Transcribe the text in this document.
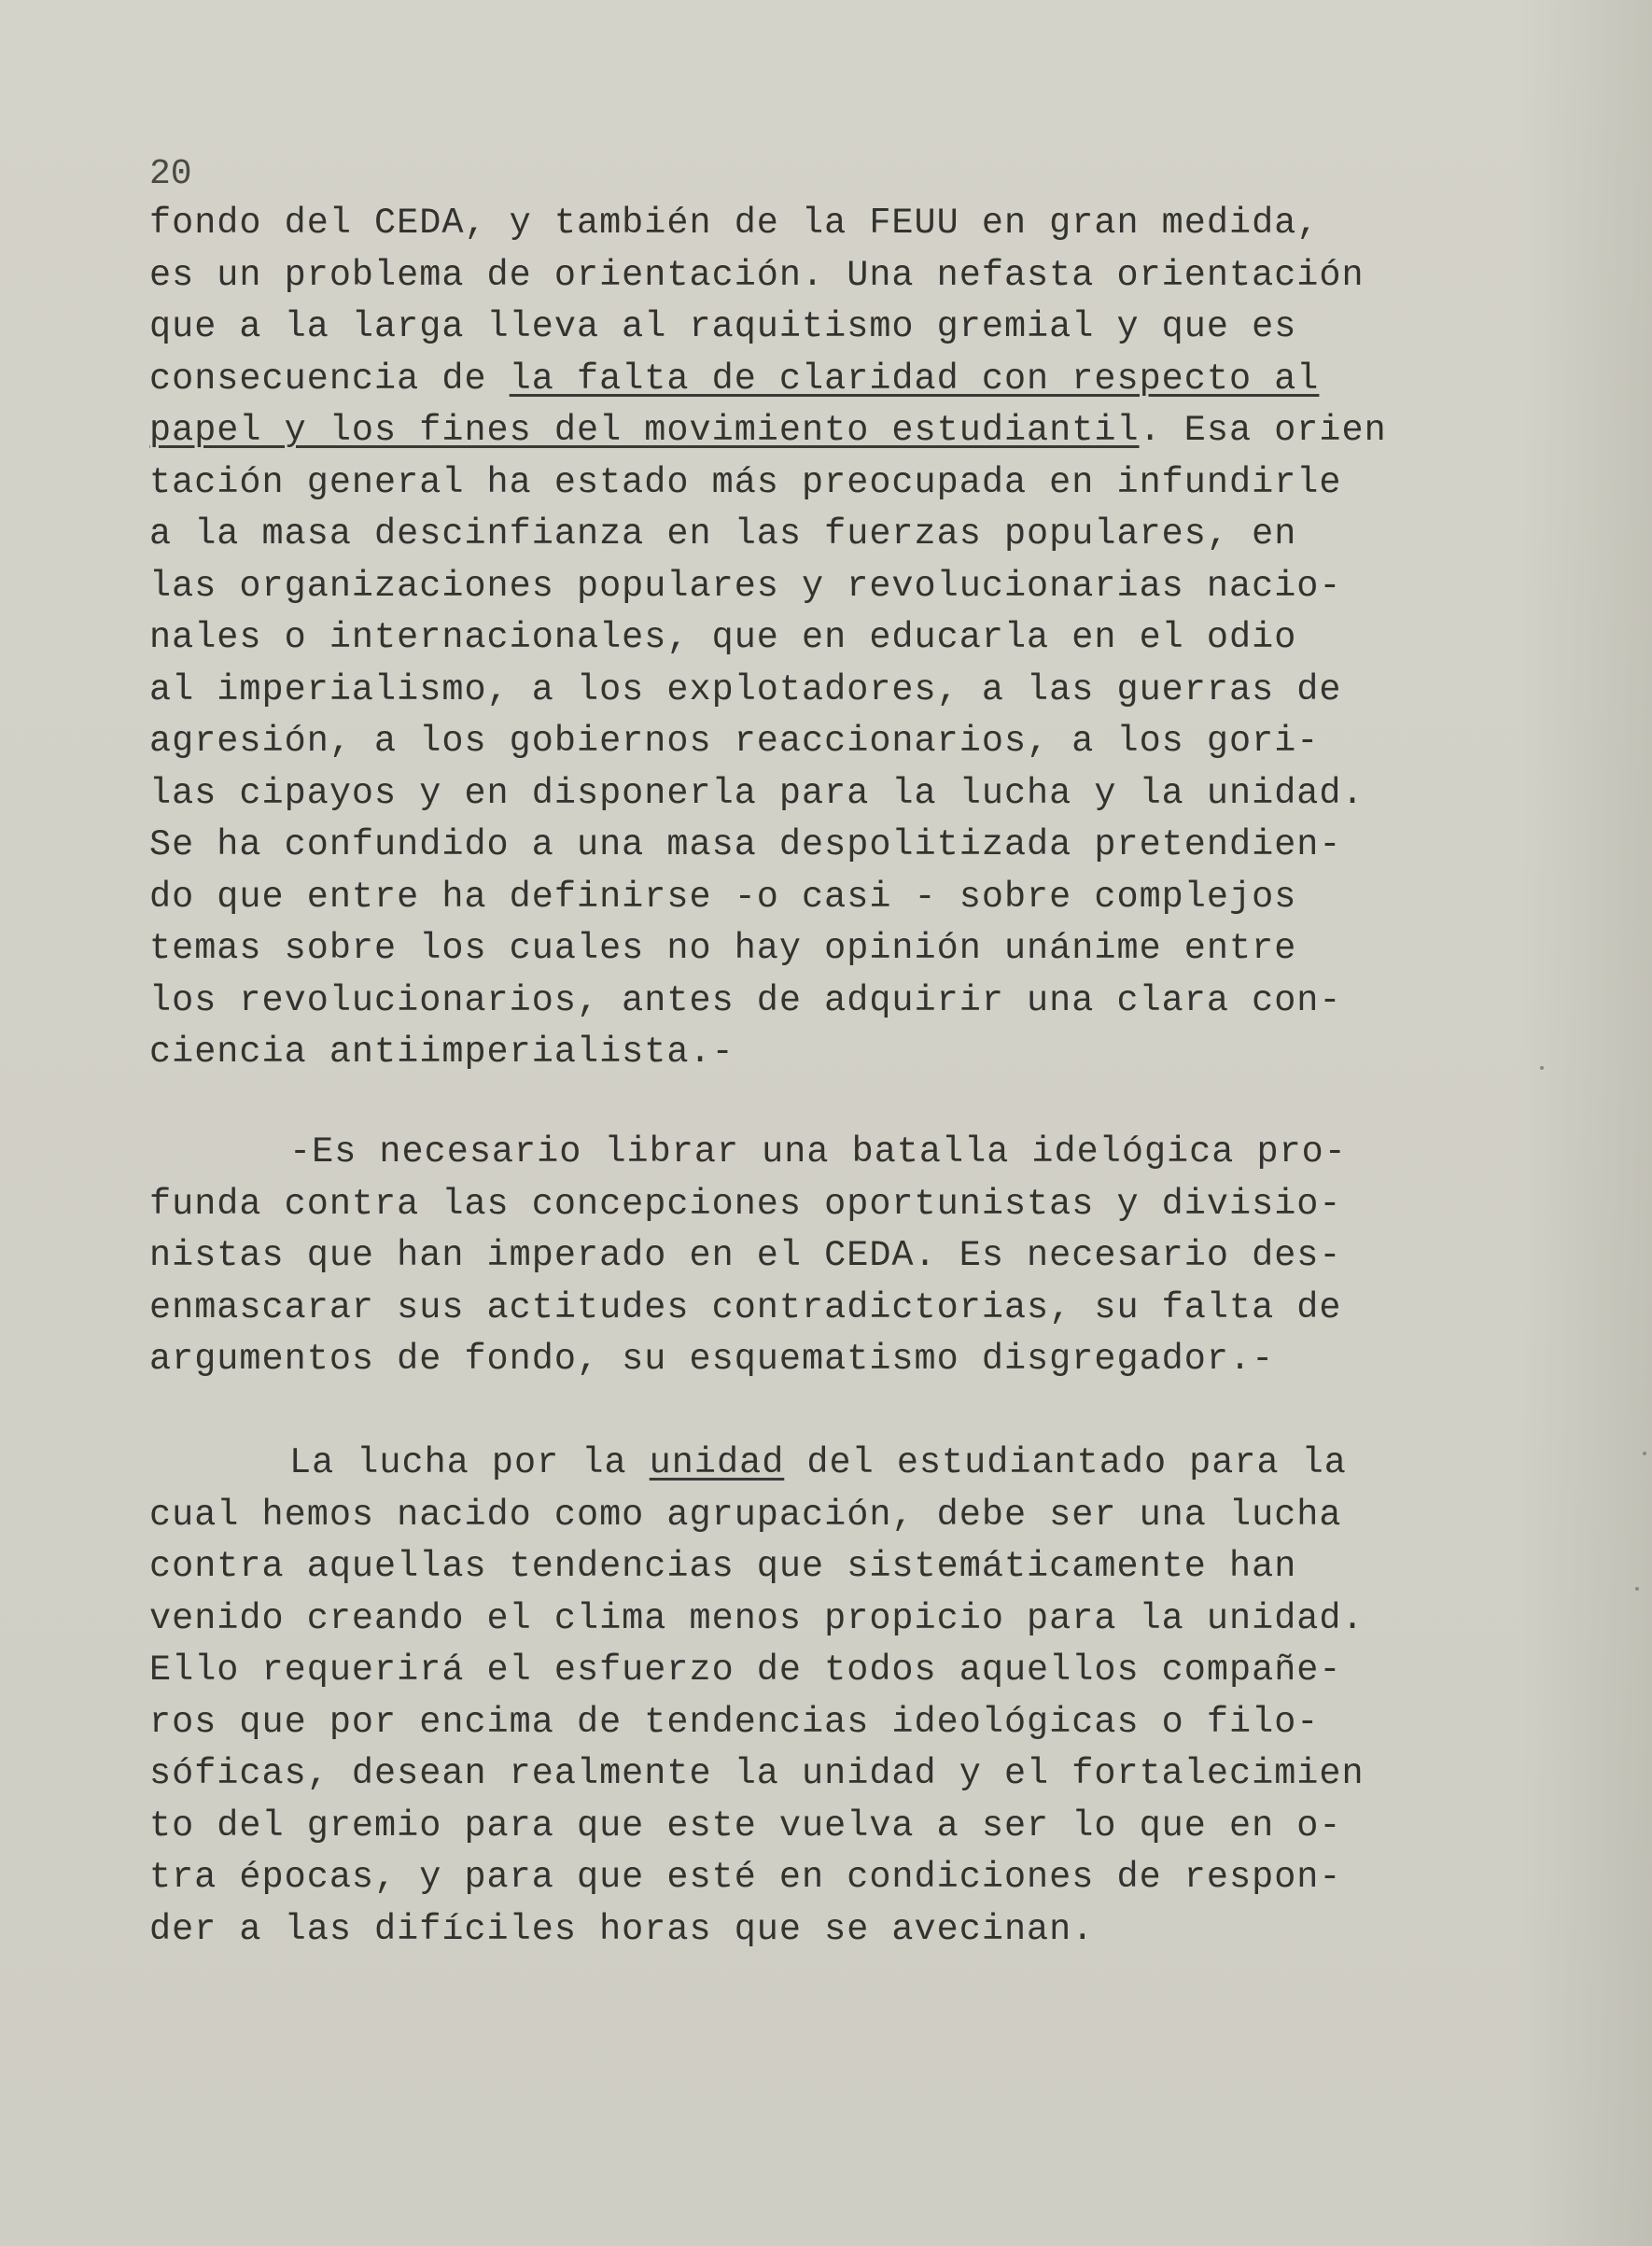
20
fondo del CEDA, y también de la FEUU en gran medida,
es un problema de orientación. Una nefasta orientación
que a la larga lleva al raquitismo gremial y que es
consecuencia de la falta de claridad con respecto al
papel y los fines del movimiento estudiantil. Esa orien
tación general ha estado más preocupada en infundirle
a la masa descinfianza en las fuerzas populares, en
las organizaciones populares y revolucionarias nacio-
nales o internacionales, que en educarla en el odio
al imperialismo, a los explotadores, a las guerras de
agresión, a los gobiernos reaccionarios, a los gori-
las cipayos y en disponerla para la lucha y la unidad.
Se ha confundido a una masa despolitizada pretendien-
do que entre ha definirse -o casi - sobre complejos
temas sobre los cuales no hay opinión unánime entre
los revolucionarios, antes de adquirir una clara con-
ciencia antiimperialista.-
-Es necesario librar una batalla idelógica pro-
funda contra las concepciones oportunistas y divisio-
nistas que han imperado en el CEDA. Es necesario des-
enmascarar sus actitudes contradictorias, su falta de
argumentos de fondo, su esquematismo disgregador.-
La lucha por la unidad del estudiantado para la
cual hemos nacido como agrupación, debe ser una lucha
contra aquellas tendencias que sistemáticamente han
venido creando el clima menos propicio para la unidad.
Ello requerirá el esfuerzo de todos aquellos compañe-
ros que por encima de tendencias ideológicas o filo-
sóficas, desean realmente la unidad y el fortalecimien
to del gremio para que este vuelva a ser lo que en o-
tra épocas, y para que esté en condiciones de respon-
der a las difíciles horas que se avecinan.
